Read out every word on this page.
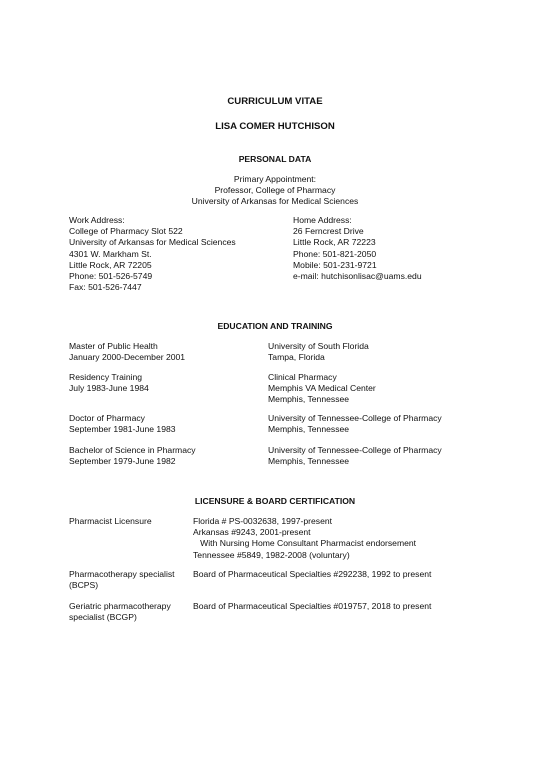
CURRICULUM VITAE
LISA COMER HUTCHISON
PERSONAL DATA
Primary Appointment:
Professor, College of Pharmacy
University of Arkansas for Medical Sciences
Work Address:
College of Pharmacy Slot 522
University of Arkansas for Medical Sciences
4301 W. Markham St.
Little Rock, AR 72205
Phone: 501-526-5749
Fax: 501-526-7447
Home Address:
26 Ferncrest Drive
Little Rock, AR 72223
Phone: 501-821-2050
Mobile: 501-231-9721
e-mail: hutchisonlisac@uams.edu
EDUCATION AND TRAINING
Master of Public Health
January 2000-December 2001
University of South Florida
Tampa, Florida
Residency Training
July 1983-June 1984
Clinical Pharmacy
Memphis VA Medical Center
Memphis, Tennessee
Doctor of Pharmacy
September 1981-June 1983
University of Tennessee-College of Pharmacy
Memphis, Tennessee
Bachelor of Science in Pharmacy
September 1979-June 1982
University of Tennessee-College of Pharmacy
Memphis, Tennessee
LICENSURE & BOARD CERTIFICATION
Pharmacist Licensure	Florida # PS-0032638, 1997-present
Arkansas #9243, 2001-present
With Nursing Home Consultant Pharmacist endorsement
Tennessee #5849, 1982-2008 (voluntary)
Pharmacotherapy specialist
(BCPS)
Board of Pharmaceutical Specialties #292238, 1992 to present
Geriatric pharmacotherapy
specialist (BCGP)
Board of Pharmaceutical Specialties #019757, 2018 to present
